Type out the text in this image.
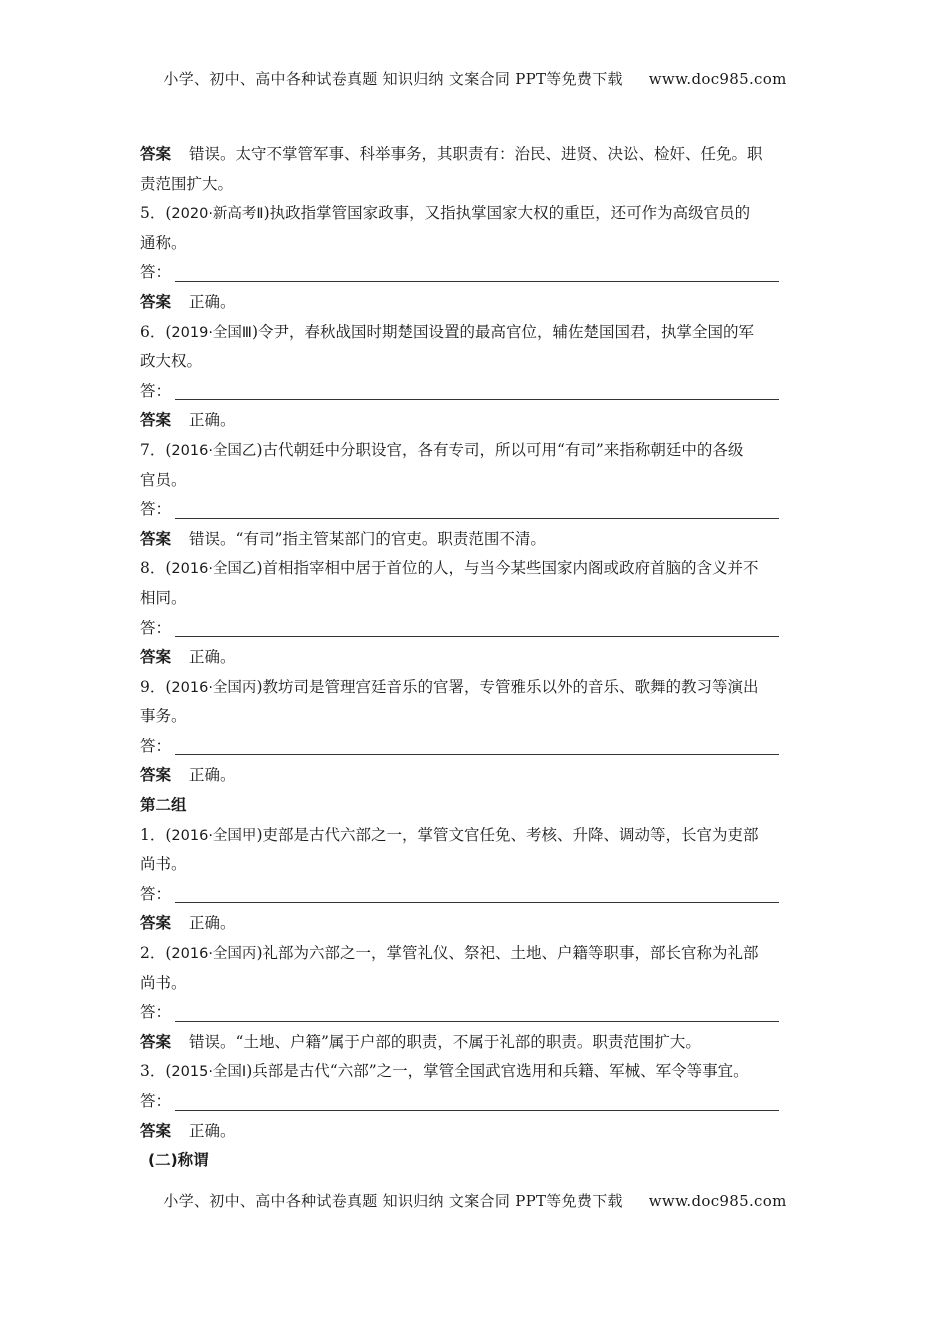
小学、初中、高中各种试卷真题 知识归纳 文案合同 PPT等免费下载 www.doc985.com
答案 错误。太守不掌管军事、科举事务，其职责有：治民、进贤、决讼、检奸、任免。职
责范围扩大。
5．(2020·新高考Ⅱ)执政指掌管国家政事，又指执掌国家大权的重臣，还可作为高级官员的
通称。
答：
答案 正确。
6．(2019·全国Ⅲ)令尹，春秋战国时期楚国设置的最高官位，辅佐楚国国君，执掌全国的军
政大权。
答：
答案 正确。
7．(2016·全国乙)古代朝廷中分职设官，各有专司，所以可用“有司”来指称朝廷中的各级
官员。
答：
答案 错误。“有司”指主管某部门的官吏。职责范围不清。
8．(2016·全国乙)首相指宰相中居于首位的人，与当今某些国家内阁或政府首脑的含义并不
相同。
答：
答案 正确。
9．(2016·全国丙)教坊司是管理宫廷音乐的官署，专管雅乐以外的音乐、歌舞的教习等演出
事务。
答：
答案 正确。
第二组
1．(2016·全国甲)吏部是古代六部之一，掌管文官任免、考核、升降、调动等，长官为吏部
尚书。
答：
答案 正确。
2．(2016·全国丙)礼部为六部之一，掌管礼仪、祭祀、土地、户籍等职事，部长官称为礼部
尚书。
答：
答案 错误。“土地、户籍”属于户部的职责，不属于礼部的职责。职责范围扩大。
3．(2015·全国Ⅰ)兵部是古代“六部”之一，掌管全国武官选用和兵籍、军械、军令等事宜。
答：
答案 正确。
(二)称谓
小学、初中、高中各种试卷真题 知识归纳 文案合同 PPT等免费下载 www.doc985.com
